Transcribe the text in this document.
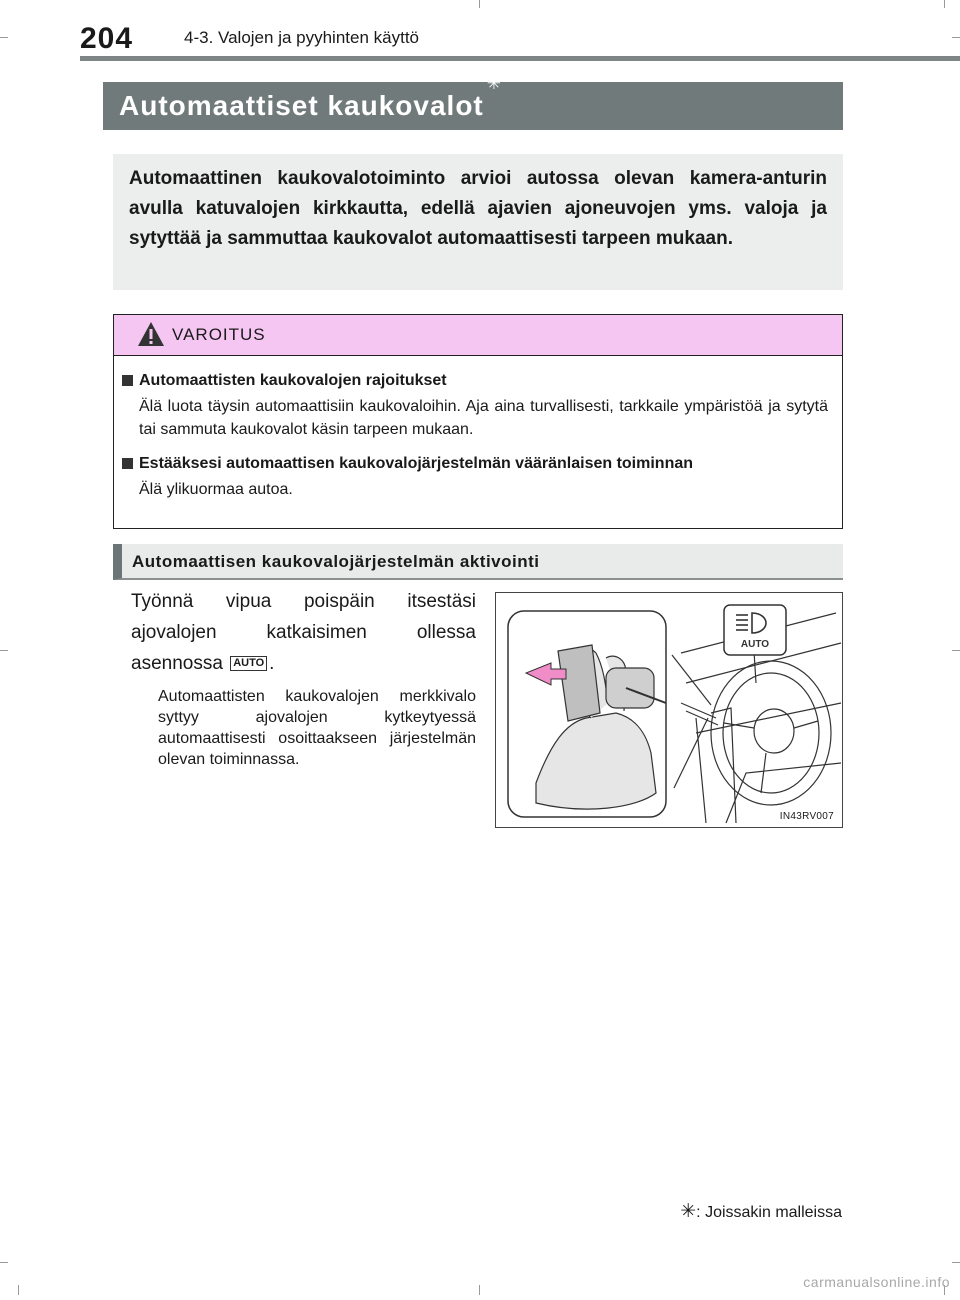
204	4-3. Valojen ja pyyhinten käyttö
Automaattiset kaukovalot✳
Automaattinen kaukovalotoiminto arvioi autossa olevan kamera-anturin avulla katuvalojen kirkkautta, edellä ajavien ajoneuvojen yms. valoja ja sytyttää ja sammuttaa kaukovalot automaattisesti tarpeen mukaan.
VAROITUS
Automaattisten kaukovalojen rajoitukset
Älä luota täysin automaattisiin kaukovaloihin. Aja aina turvallisesti, tarkkaile ympäristöä ja sytytä tai sammuta kaukovalot käsin tarpeen mukaan.
Estääksesi automaattisen kaukovalojärjestelmän vääränlaisen toiminnan
Älä ylikuormaa autoa.
Automaattisen kaukovalojärjestelmän aktivointi
Työnnä vipua poispäin itsestäsi
ajovalojen katkaisimen ollessa
asennossa AUTO .
Automaattisten kaukovalojen merkkivalo syttyy ajovalojen kytkeytyessä automaattisesti osoittaakseen järjestelmän olevan toiminnassa.
AUTO
IN43RV007
✳: Joissakin malleissa
carmanualsonline.info
